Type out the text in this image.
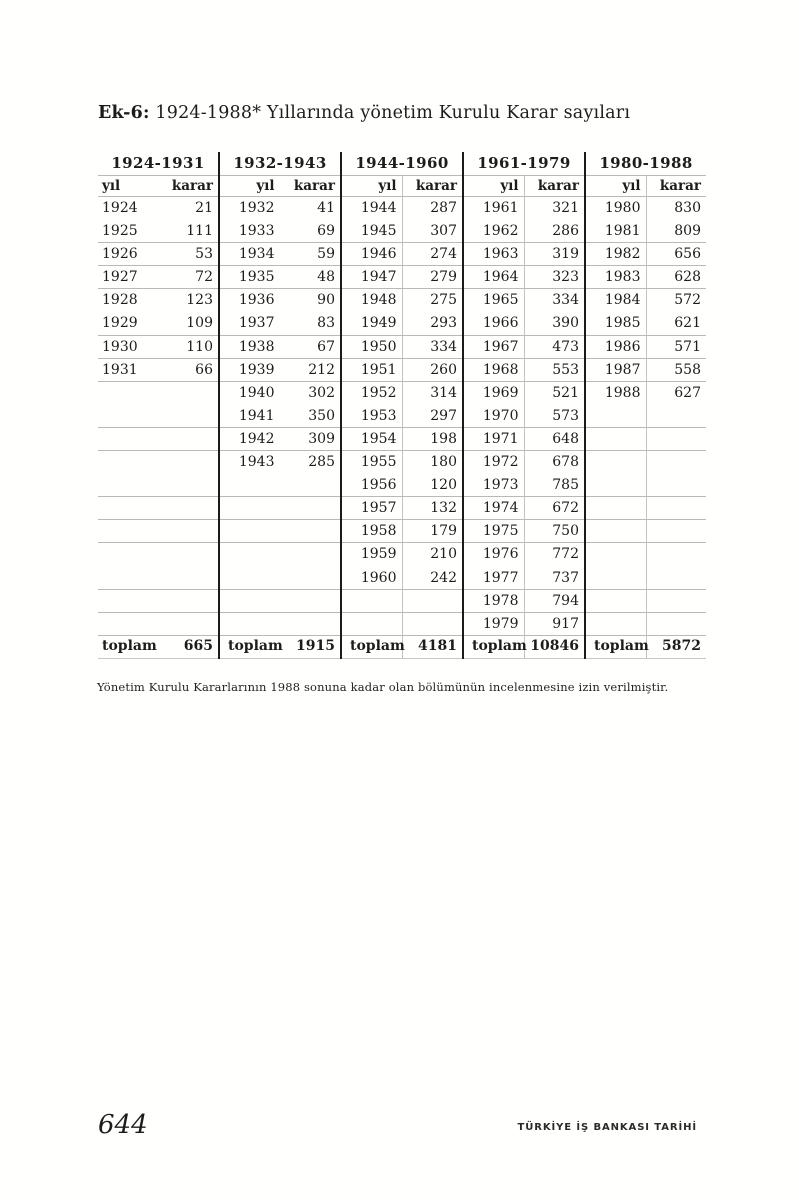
Ek-6: 1924-1988* Yıllarında yönetim Kurulu Karar sayıları
1924-1931
yıl	karar
1924	21
1925	111
1926	53
1927	72
1928	123
1929	109
1930	110
1931	66
toplam	665
1932-1943
yıl	karar
1932	41
1933	69
1934	59
1935	48
1936	90
1937	83
1938	67
1939	212
1940	302
1941	350
1942	309
1943	285
toplam 1915
1944-1960
yıl	karar
1944	287
1945	307
1946	274
1947	279
1948	275
1949	293
1950	334
1951	260
1952	314
1953	297
1954	198
1955	180
1956	120
1957	132
1958	179
1959	210
1960	242
toplam 4181
1961-1979
yıl	karar
1961	321
1962	286
1963	319
1964	323
1965	334
1966	390
1967	473
1968	553
1969	521
1970	573
1971	648
1972	678
1973	785
1974	672
1975	750
1976	772
1977	737
1978	794
1979	917
toplam 10846
1980-1988
yıl	karar
1980	830
1981	809
1982	656
1983	628
1984	572
1985	621
1986	571
1987	558
1988	627
toplam 5872
Yönetim Kurulu Kararlarının 1988 sonuna kadar olan bölümünün incelenmesine izin verilmiştir.
644	TÜRKİYE İŞ BANKASI TARİHİ
